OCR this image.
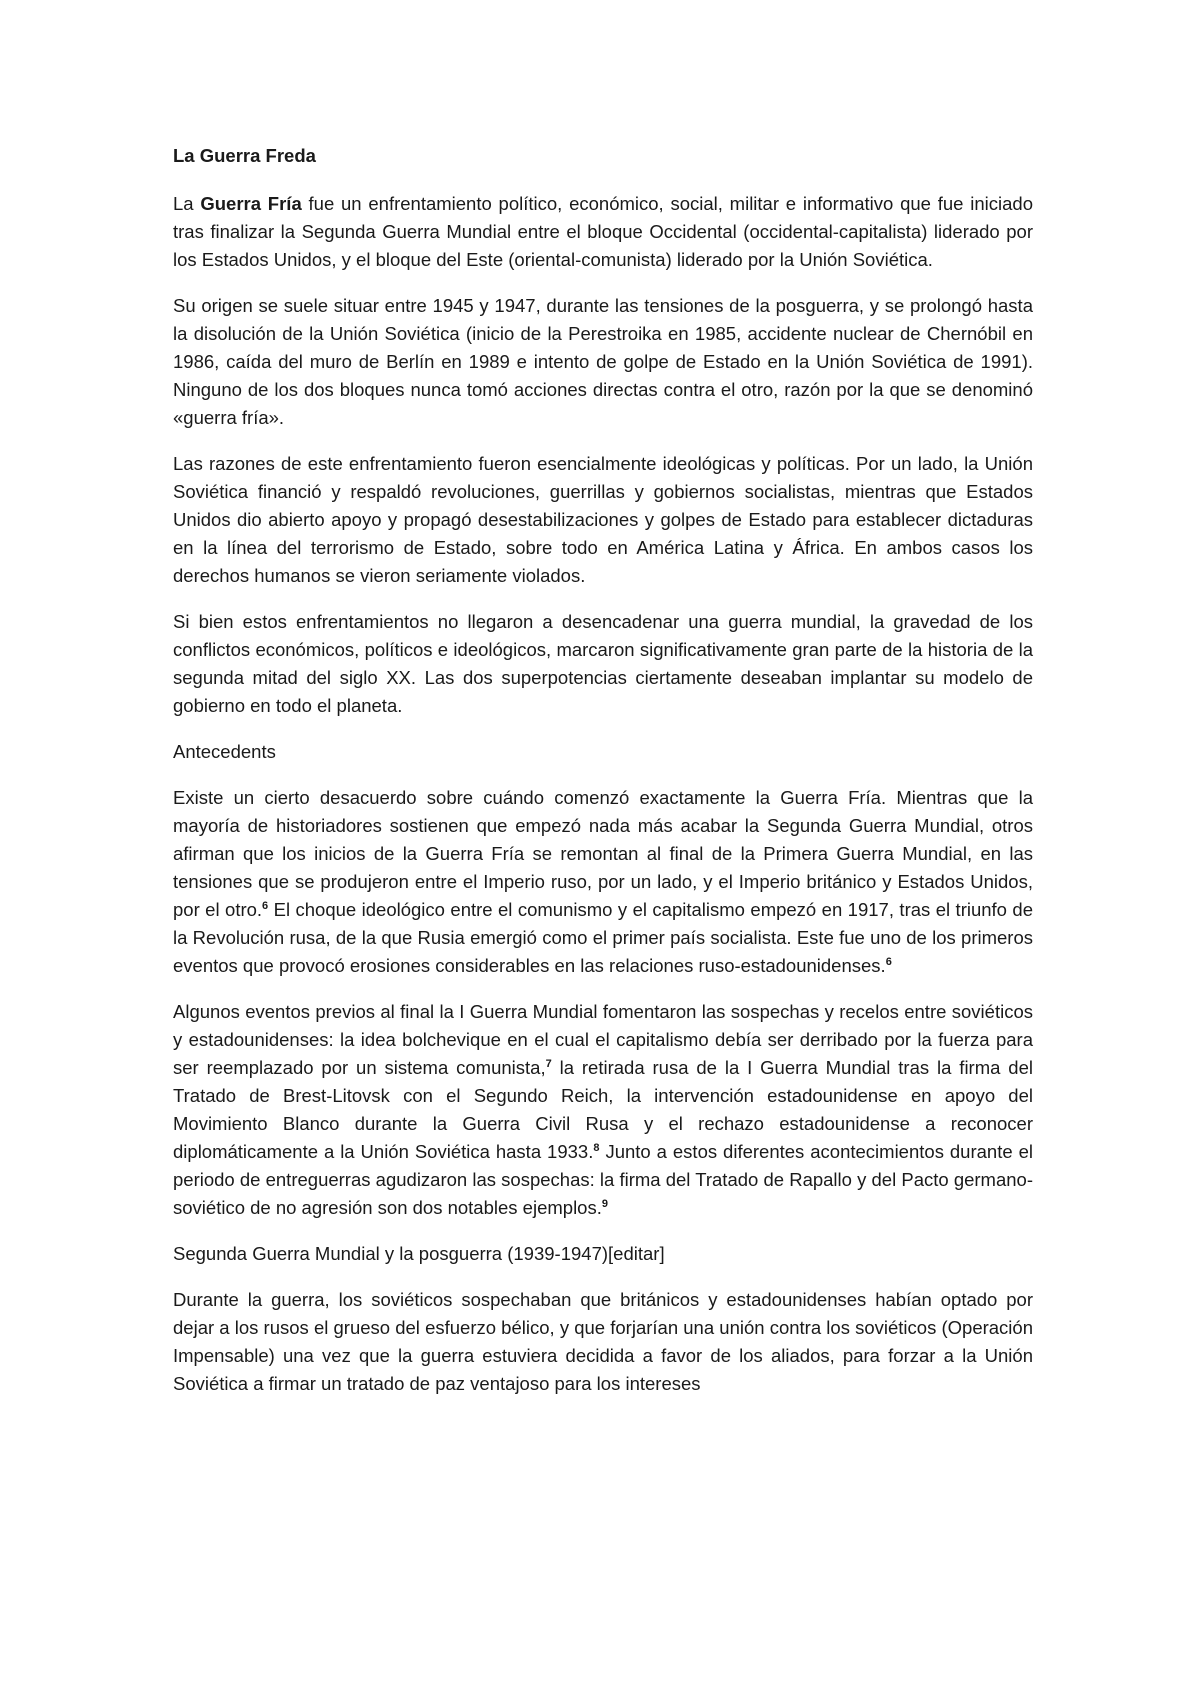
La Guerra Freda

La Guerra Fría fue un enfrentamiento político, económico, social, militar e informativo que fue iniciado tras finalizar la Segunda Guerra Mundial entre el bloque Occidental (occidental-capitalista) liderado por los Estados Unidos, y el bloque del Este (oriental-comunista) liderado por la Unión Soviética.

Su origen se suele situar entre 1945 y 1947, durante las tensiones de la posguerra, y se prolongó hasta la disolución de la Unión Soviética (inicio de la Perestroika en 1985, accidente nuclear de Chernóbil en 1986, caída del muro de Berlín en 1989 e intento de golpe de Estado en la Unión Soviética de 1991). Ninguno de los dos bloques nunca tomó acciones directas contra el otro, razón por la que se denominó «guerra fría».

Las razones de este enfrentamiento fueron esencialmente ideológicas y políticas. Por un lado, la Unión Soviética financió y respaldó revoluciones, guerrillas y gobiernos socialistas, mientras que Estados Unidos dio abierto apoyo y propagó desestabilizaciones y golpes de Estado para establecer dictaduras en la línea del terrorismo de Estado, sobre todo en América Latina y África. En ambos casos los derechos humanos se vieron seriamente violados.

Si bien estos enfrentamientos no llegaron a desencadenar una guerra mundial, la gravedad de los conflictos económicos, políticos e ideológicos, marcaron significativamente gran parte de la historia de la segunda mitad del siglo XX. Las dos superpotencias ciertamente deseaban implantar su modelo de gobierno en todo el planeta.

Antecedents

Existe un cierto desacuerdo sobre cuándo comenzó exactamente la Guerra Fría. Mientras que la mayoría de historiadores sostienen que empezó nada más acabar la Segunda Guerra Mundial, otros afirman que los inicios de la Guerra Fría se remontan al final de la Primera Guerra Mundial, en las tensiones que se produjeron entre el Imperio ruso, por un lado, y el Imperio británico y Estados Unidos, por el otro.$^6$ El choque ideológico entre el comunismo y el capitalismo empezó en 1917, tras el triunfo de la Revolución rusa, de la que Rusia emergió como el primer país socialista. Este fue uno de los primeros eventos que provocó erosiones considerables en las relaciones ruso-estadounidenses.$^6$

Algunos eventos previos al final la I Guerra Mundial fomentaron las sospechas y recelos entre soviéticos y estadounidenses: la idea bolchevique en el cual el capitalismo debía ser derribado por la fuerza para ser reemplazado por un sistema comunista,$^7$ la retirada rusa de la I Guerra Mundial tras la firma del Tratado de Brest-Litovsk con el Segundo Reich, la intervención estadounidense en apoyo del Movimiento Blanco durante la Guerra Civil Rusa y el rechazo estadounidense a reconocer diplomáticamente a la Unión Soviética hasta 1933.$^8$ Junto a estos diferentes acontecimientos durante el periodo de entreguerras agudizaron las sospechas: la firma del Tratado de Rapallo y del Pacto germano-soviético de no agresión son dos notables ejemplos.$^9$

Segunda Guerra Mundial y la posguerra (1939-1947)[editar]

Durante la guerra, los soviéticos sospechaban que británicos y estadounidenses habían optado por dejar a los rusos el grueso del esfuerzo bélico, y que forjarían una unión contra los soviéticos (Operación Impensable) una vez que la guerra estuviera decidida a favor de los aliados, para forzar a la Unión Soviética a firmar un tratado de paz ventajoso para los intereses
